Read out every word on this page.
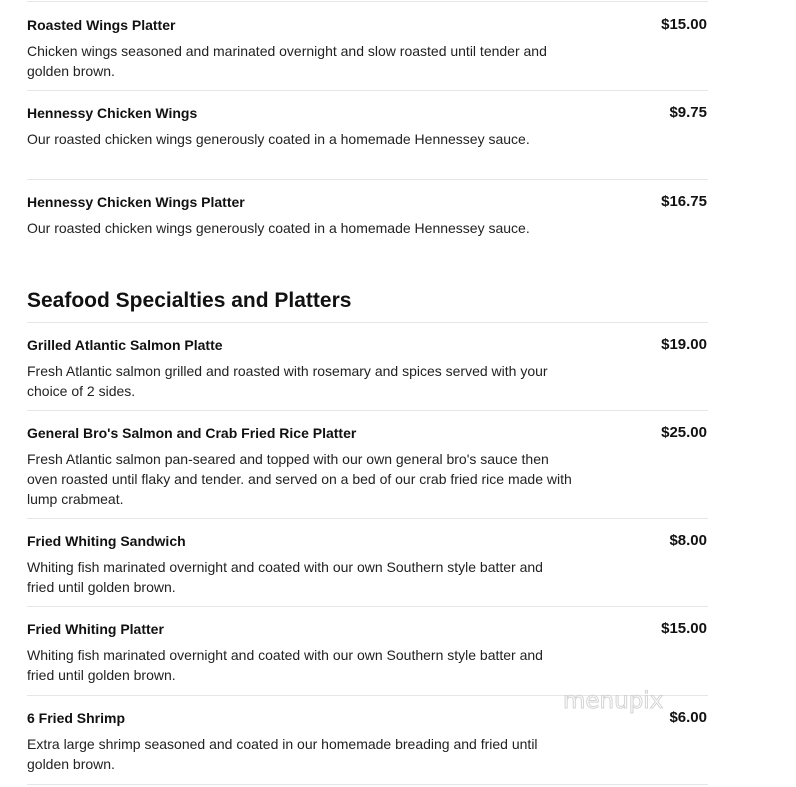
$15.00
Roasted Wings Platter
Chicken wings seasoned and marinated overnight and slow roasted until tender and golden brown.
$9.75
Hennessy Chicken Wings
Our roasted chicken wings generously coated in a homemade Hennessey sauce.
$16.75
Hennessy Chicken Wings Platter
Our roasted chicken wings generously coated in a homemade Hennessey sauce.
Seafood Specialties and Platters
$19.00
Grilled Atlantic Salmon Platte
Fresh Atlantic salmon grilled and roasted with rosemary and spices served with your choice of 2 sides.
$25.00
General Bro's Salmon and Crab Fried Rice Platter
Fresh Atlantic salmon pan-seared and topped with our own general bro's sauce then oven roasted until flaky and tender. and served on a bed of our crab fried rice made with lump crabmeat.
$8.00
Fried Whiting Sandwich
Whiting fish marinated overnight and coated with our own Southern style batter and fried until golden brown.
$15.00
Fried Whiting Platter
Whiting fish marinated overnight and coated with our own Southern style batter and fried until golden brown.
$6.00
6 Fried Shrimp
Extra large shrimp seasoned and coated in our homemade breading and fried until golden brown.
menupix
